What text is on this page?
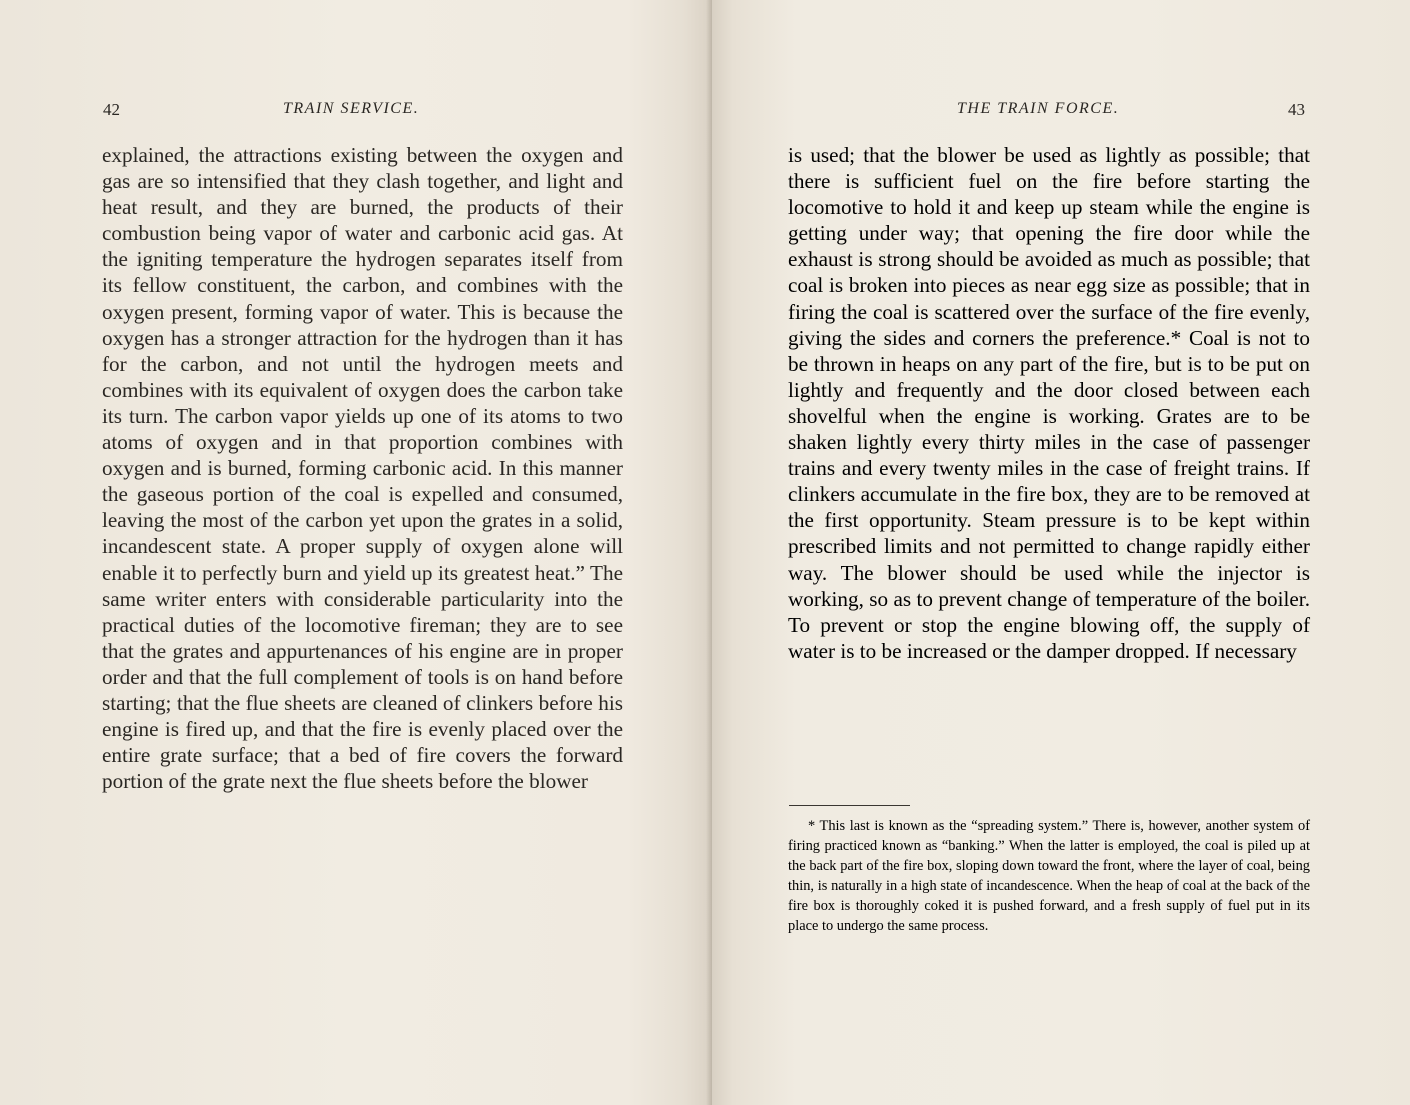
42	TRAIN SERVICE.

explained, the attractions existing between the oxygen and gas are so intensified that they clash together, and light and heat result, and they are burned, the products of their combustion being vapor of water and carbonic acid gas. At the igniting temperature the hydrogen separates itself from its fellow constituent, the carbon, and combines with the oxygen present, forming vapor of water. This is because the oxygen has a stronger attraction for the hydrogen than it has for the carbon, and not until the hydrogen meets and combines with its equivalent of oxygen does the carbon take its turn. The carbon vapor yields up one of its atoms to two atoms of oxygen and in that proportion combines with oxygen and is burned, forming carbonic acid. In this manner the gaseous portion of the coal is expelled and consumed, leaving the most of the carbon yet upon the grates in a solid, incandescent state. A proper supply of oxygen alone will enable it to perfectly burn and yield up its greatest heat.” The same writer enters with considerable particularity into the practical duties of the locomotive fireman; they are to see that the grates and appurtenances of his engine are in proper order and that the full complement of tools is on hand before starting; that the flue sheets are cleaned of clinkers before his engine is fired up, and that the fire is evenly placed over the entire grate surface; that a bed of fire covers the forward portion of the grate next the flue sheets before the blower

THE TRAIN FORCE.	43

is used; that the blower be used as lightly as possible; that there is sufficient fuel on the fire before starting the locomotive to hold it and keep up steam while the engine is getting under way; that opening the fire door while the exhaust is strong should be avoided as much as possible; that coal is broken into pieces as near egg size as possible; that in firing the coal is scattered over the surface of the fire evenly, giving the sides and corners the preference.* Coal is not to be thrown in heaps on any part of the fire, but is to be put on lightly and frequently and the door closed between each shovelful when the engine is working. Grates are to be shaken lightly every thirty miles in the case of passenger trains and every twenty miles in the case of freight trains. If clinkers accumulate in the fire box, they are to be removed at the first opportunity. Steam pressure is to be kept within prescribed limits and not permitted to change rapidly either way. The blower should be used while the injector is working, so as to prevent change of temperature of the boiler. To prevent or stop the engine blowing off, the supply of water is to be increased or the damper dropped. If necessary

* This last is known as the “spreading system.” There is, however, another system of firing practiced known as “banking.” When the latter is employed, the coal is piled up at the back part of the fire box, sloping down toward the front, where the layer of coal, being thin, is naturally in a high state of incandescence. When the heap of coal at the back of the fire box is thoroughly coked it is pushed forward, and a fresh supply of fuel put in its place to undergo the same process.
